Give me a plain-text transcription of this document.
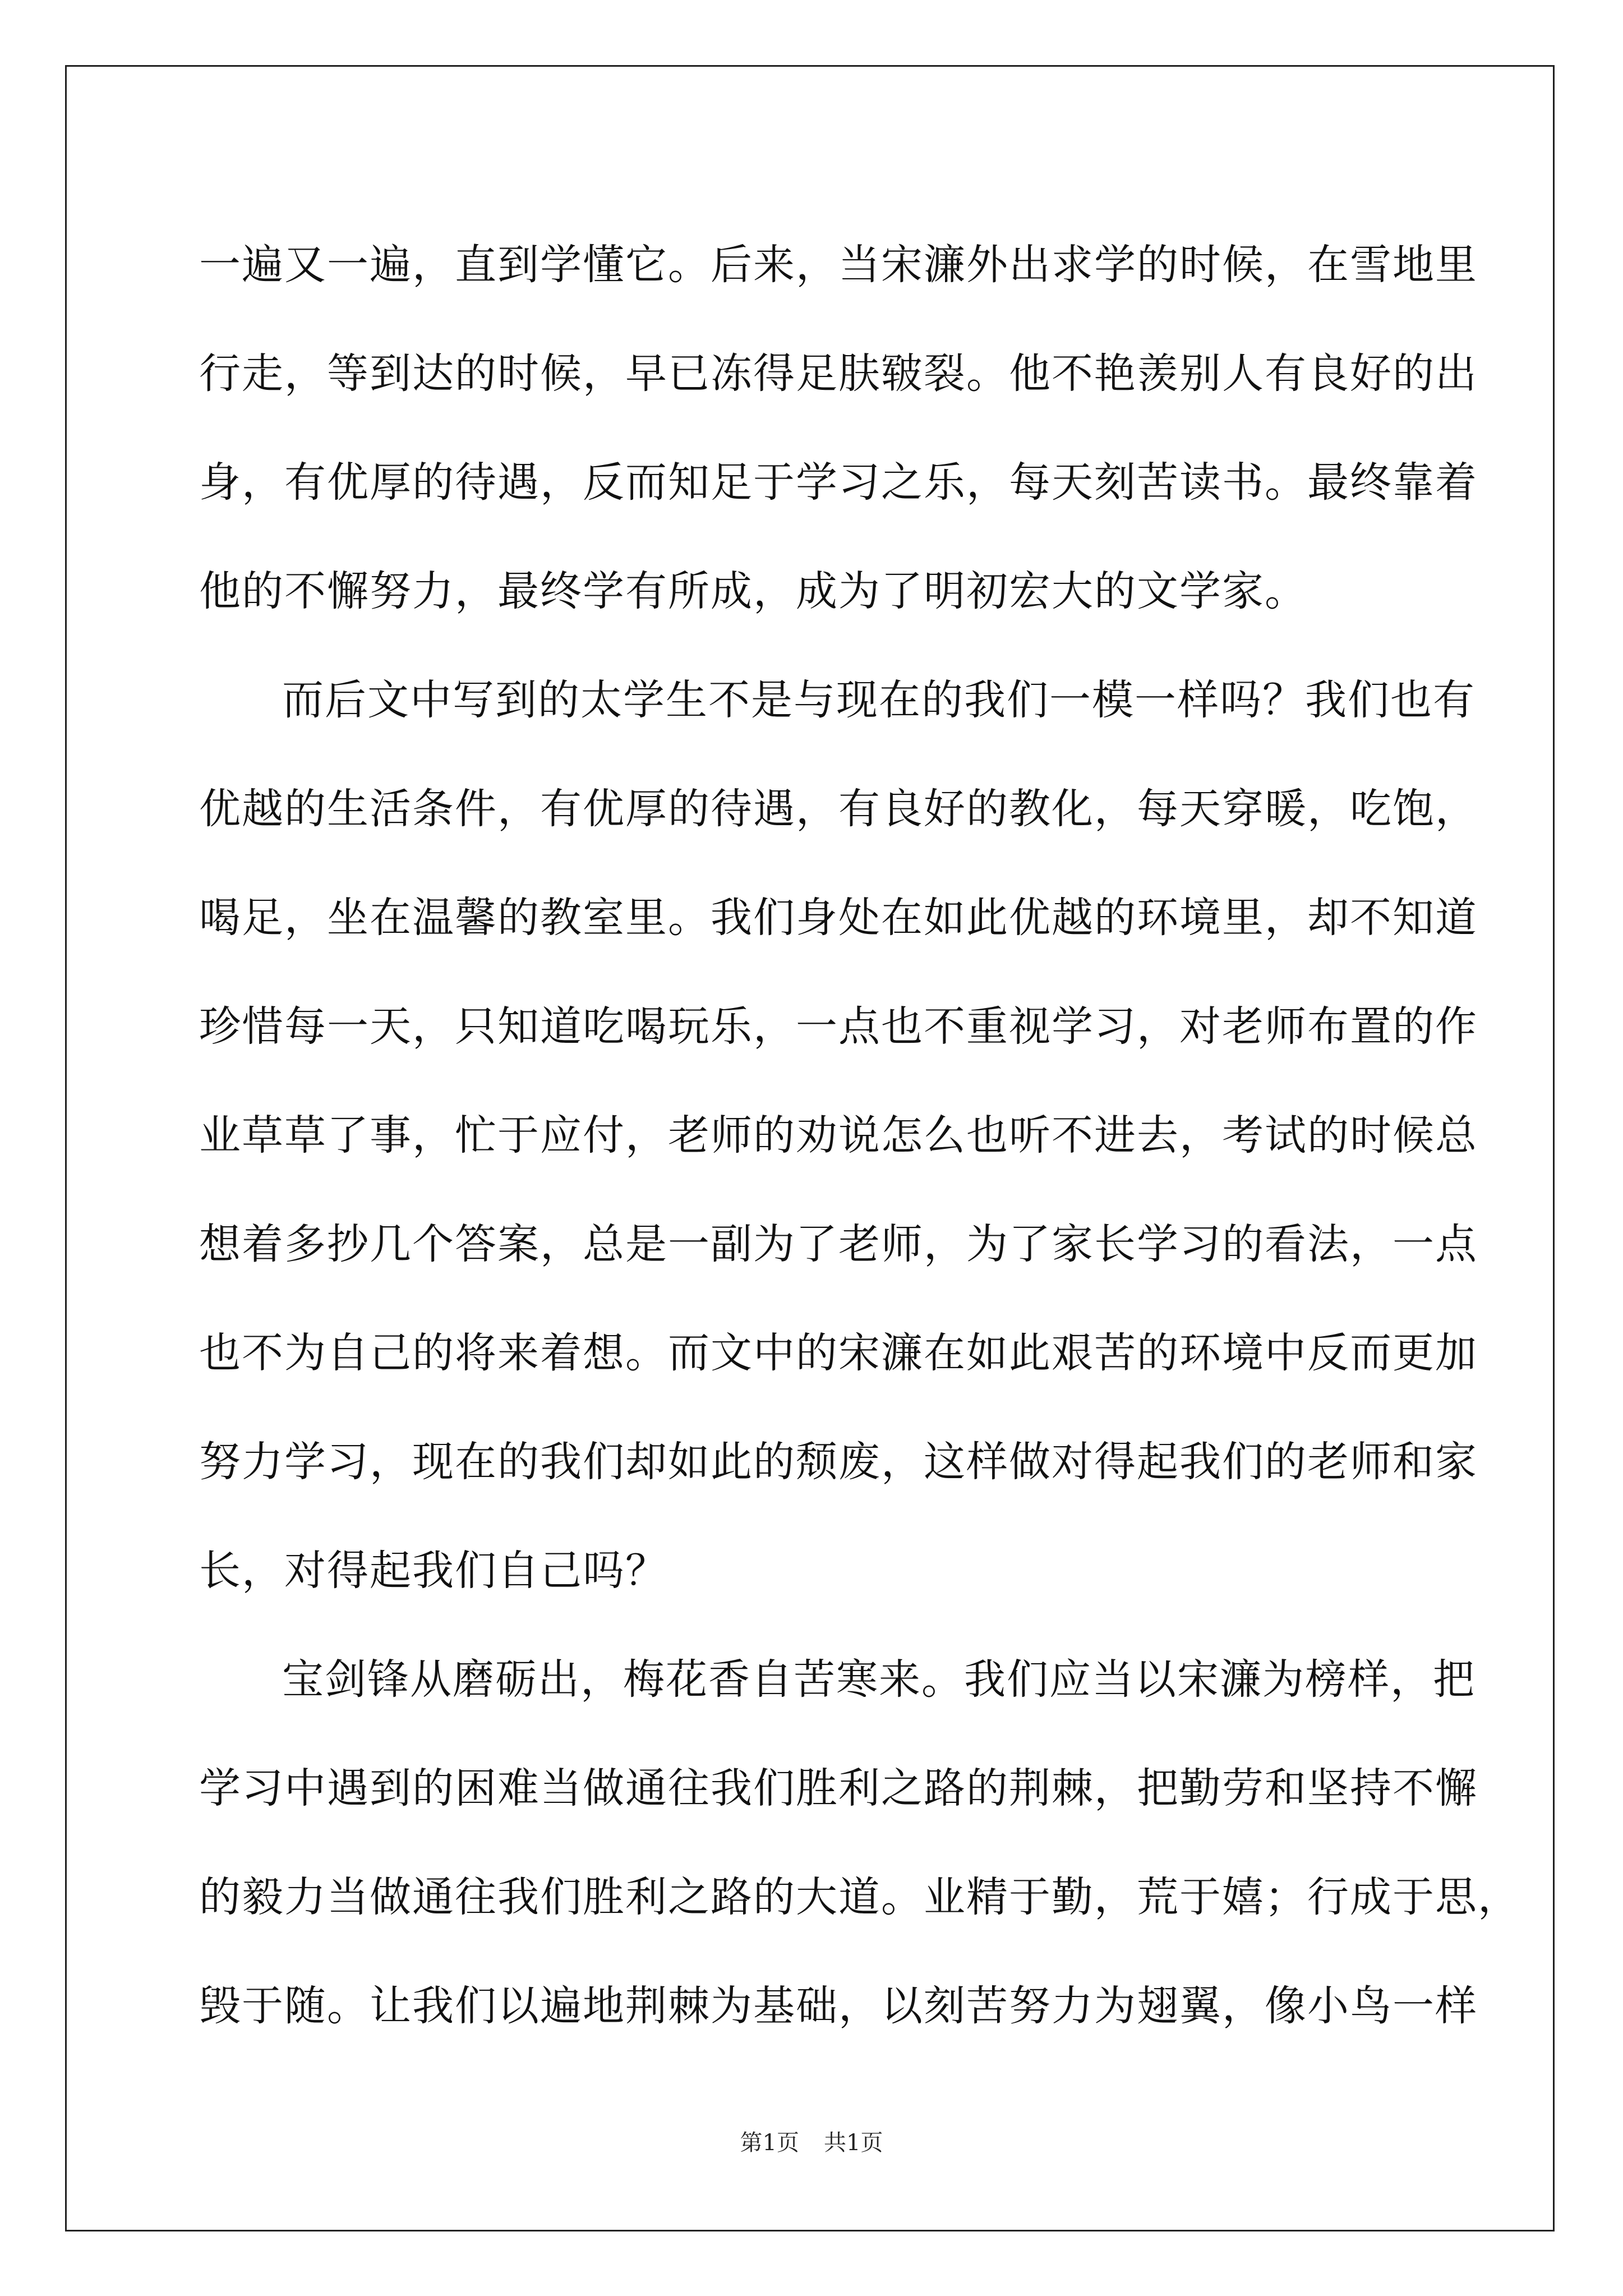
一遍又一遍，直到学懂它。后来，当宋濂外出求学的时候，在雪地里
行走，等到达的时候，早已冻得足肤皲裂。他不艳羡别人有良好的出
身，有优厚的待遇，反而知足于学习之乐，每天刻苦读书。最终靠着
他的不懈努力，最终学有所成，成为了明初宏大的文学家。
而后文中写到的太学生不是与现在的我们一模一样吗？我们也有
优越的生活条件，有优厚的待遇，有良好的教化，每天穿暖，吃饱，
喝足，坐在温馨的教室里。我们身处在如此优越的环境里，却不知道
珍惜每一天，只知道吃喝玩乐，一点也不重视学习，对老师布置的作
业草草了事，忙于应付，老师的劝说怎么也听不进去，考试的时候总
想着多抄几个答案，总是一副为了老师，为了家长学习的看法，一点
也不为自己的将来着想。而文中的宋濂在如此艰苦的环境中反而更加
努力学习，现在的我们却如此的颓废，这样做对得起我们的老师和家
长，对得起我们自己吗？
宝剑锋从磨砺出，梅花香自苦寒来。我们应当以宋濂为榜样，把
学习中遇到的困难当做通往我们胜利之路的荆棘，把勤劳和坚持不懈
的毅力当做通往我们胜利之路的大道。业精于勤，荒于嬉；行成于思，
毁于随。让我们以遍地荆棘为基础，以刻苦努力为翅翼，像小鸟一样
第1页 共1页
